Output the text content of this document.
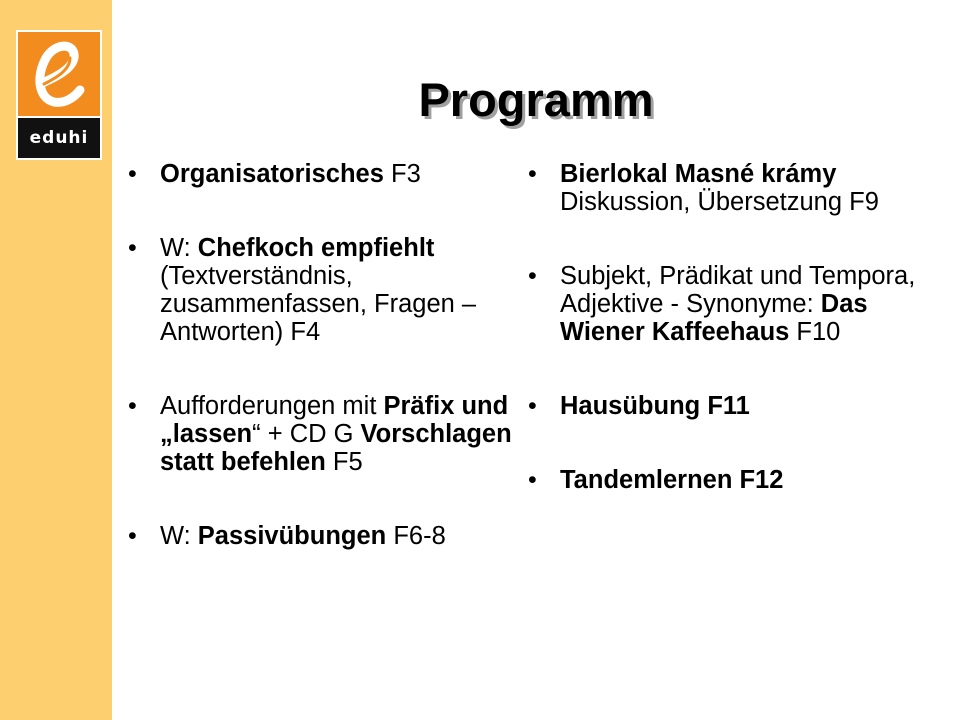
eduhi
Programm
• Organisatorisches F3
• W: Chefkoch empfiehlt (Textverständnis, zusammenfassen, Fragen – Antworten) F4
• Aufforderungen mit Präfix und „lassen“ + CD G Vorschlagen statt befehlen F5
• W: Passivübungen F6-8
• Bierlokal Masné krámy Diskussion, Übersetzung F9
• Subjekt, Prädikat und Tempora, Adjektive - Synonyme: Das Wiener Kaffeehaus F10
• Hausübung F11
• Tandemlernen F12
